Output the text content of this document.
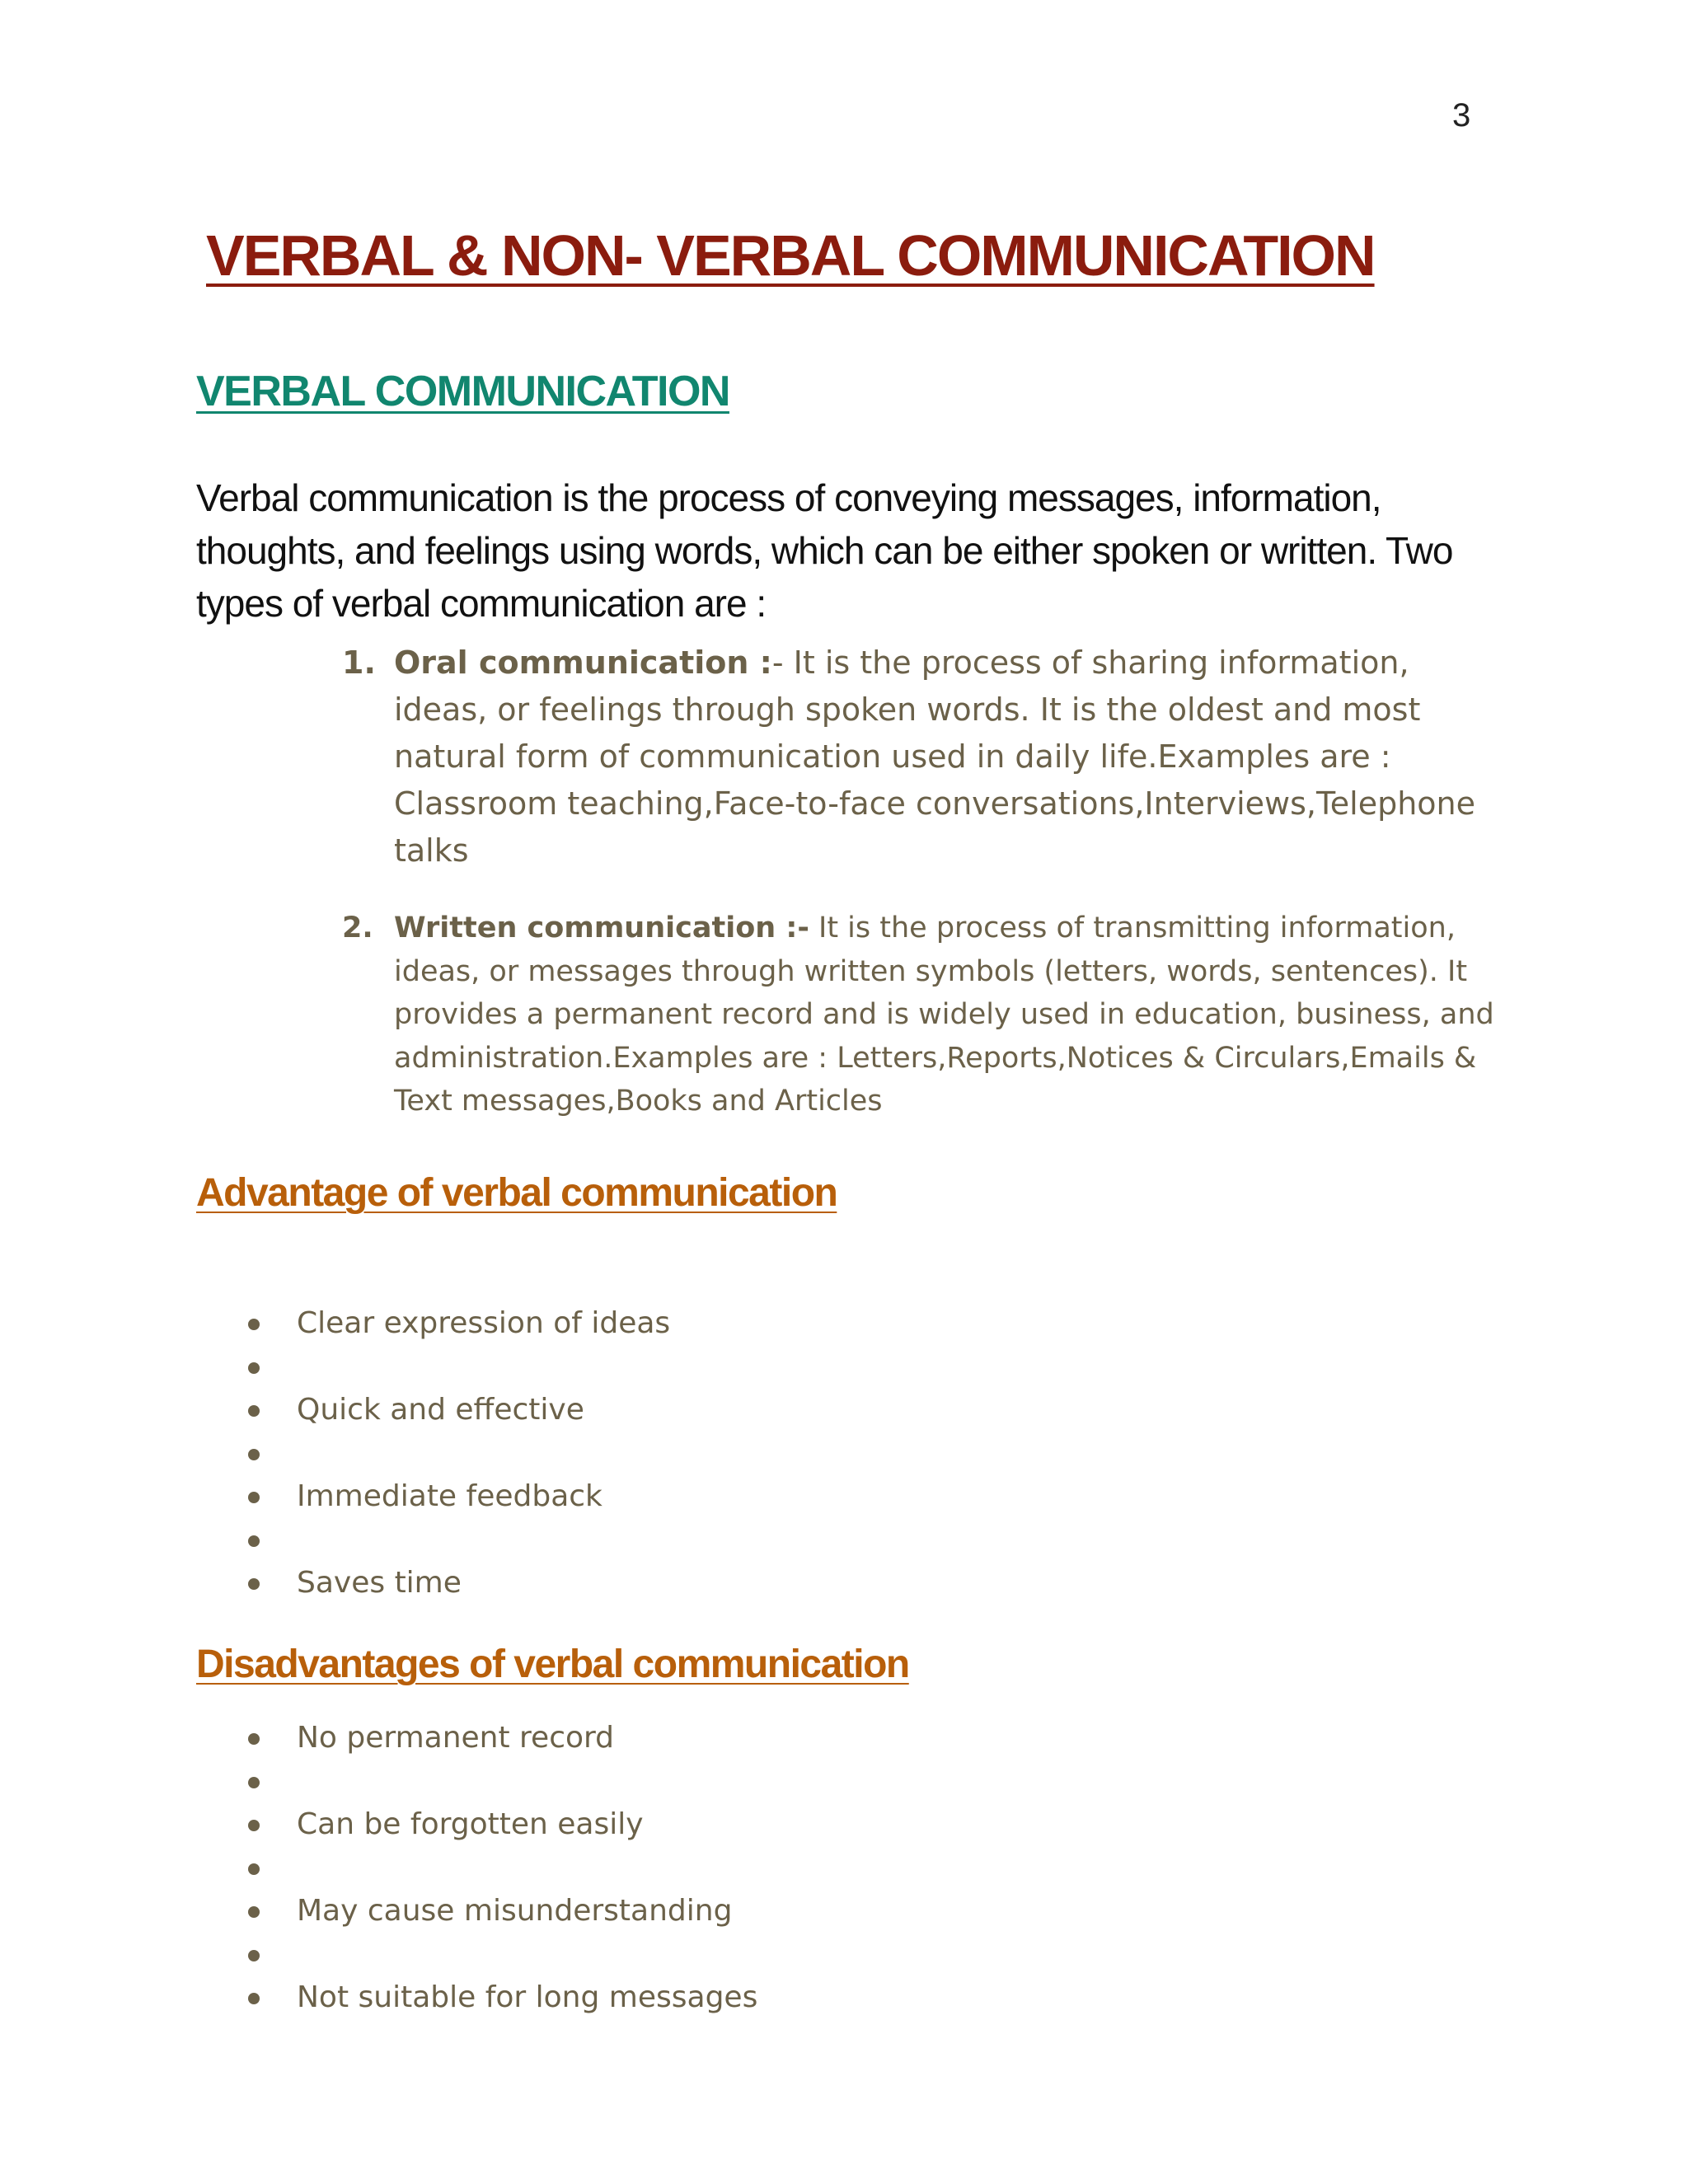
3
VERBAL & NON- VERBAL COMMUNICATION
VERBAL COMMUNICATION

Verbal communication is the process of conveying messages, information, thoughts, and feelings using words, which can be either spoken or written. Two types of verbal communication are :

1. Oral communication :- It is the process of sharing information, ideas, or feelings through spoken words. It is the oldest and most natural form of communication used in daily life.Examples are : Classroom teaching,Face-to-face conversations,Interviews,Telephone talks
2. Written communication :- It is the process of transmitting information, ideas, or messages through written symbols (letters, words, sentences). It provides a permanent record and is widely used in education, business, and administration.Examples are : Letters,Reports,Notices & Circulars,Emails & Text messages,Books and Articles
Advantage of verbal communication
Clear expression of ideas
Quick and effective
Immediate feedback
Saves time
Disadvantages of verbal communication
No permanent record
Can be forgotten easily
May cause misunderstanding
Not suitable for long messages
